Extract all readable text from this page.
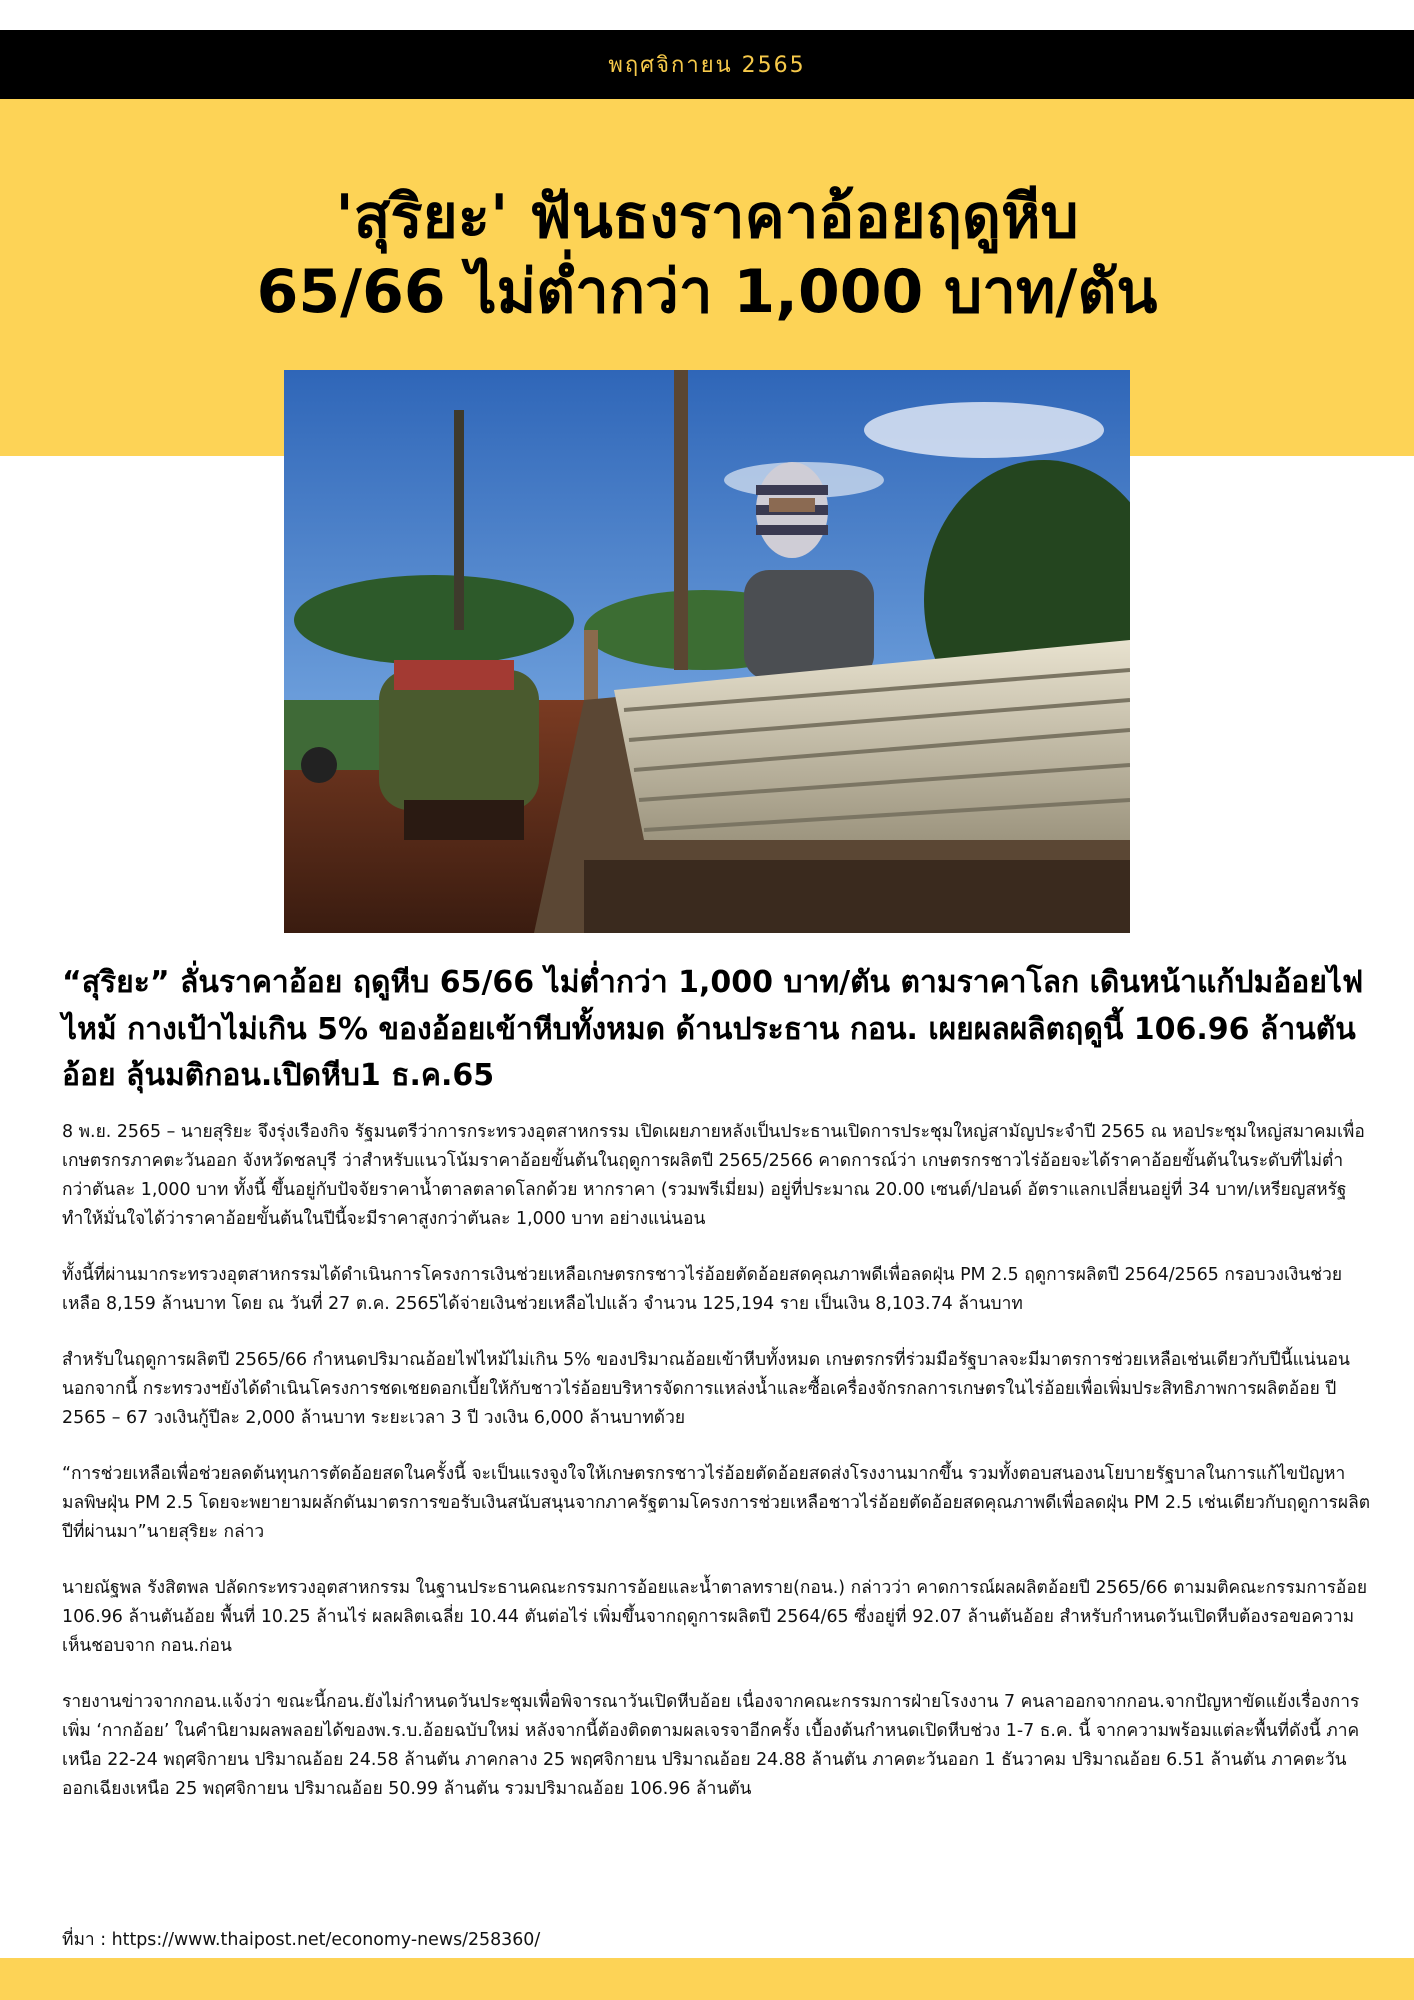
พฤศจิกายน 2565
'สุริยะ' ฟันธงราคาอ้อยฤดูหีบ
65/66 ไม่ต่ำกว่า 1,000 บาท/ตัน

“สุริยะ” ลั่นราคาอ้อย ฤดูหีบ 65/66 ไม่ต่ำกว่า 1,000 บาท/ตัน ตามราคาโลก เดินหน้าแก้ปมอ้อยไฟไหม้ กางเป้าไม่เกิน 5% ของอ้อยเข้าหีบทั้งหมด ด้านประธาน กอน. เผยผลผลิตฤดูนี้ 106.96 ล้านตันอ้อย ลุ้นมติกอน.เปิดหีบ1 ธ.ค.65

8 พ.ย. 2565 – นายสุริยะ จึงรุ่งเรืองกิจ รัฐมนตรีว่าการกระทรวงอุตสาหกรรม เปิดเผยภายหลังเป็นประธานเปิดการประชุมใหญ่สามัญประจำปี 2565 ณ หอประชุมใหญ่สมาคมเพื่อเกษตรกรภาคตะวันออก จังหวัดชลบุรี ว่าสำหรับแนวโน้มราคาอ้อยขั้นต้นในฤดูการผลิตปี 2565/2566 คาดการณ์ว่า เกษตรกรชาวไร่อ้อยจะได้ราคาอ้อยขั้นต้นในระดับที่ไม่ต่ำกว่าตันละ 1,000 บาท ทั้งนี้ ขึ้นอยู่กับปัจจัยราคาน้ำตาลตลาดโลกด้วย หากราคา (รวมพรีเมี่ยม) อยู่ที่ประมาณ 20.00 เซนต์/ปอนด์ อัตราแลกเปลี่ยนอยู่ที่ 34 บาท/เหรียญสหรัฐ ทำให้มั่นใจได้ว่าราคาอ้อยขั้นต้นในปีนี้จะมีราคาสูงกว่าตันละ 1,000 บาท อย่างแน่นอน

ทั้งนี้ที่ผ่านมากระทรวงอุตสาหกรรมได้ดำเนินการโครงการเงินช่วยเหลือเกษตรกรชาวไร่อ้อยตัดอ้อยสดคุณภาพดีเพื่อลดฝุ่น PM 2.5 ฤดูการผลิตปี 2564/2565 กรอบวงเงินช่วยเหลือ 8,159 ล้านบาท โดย ณ วันที่ 27 ต.ค. 2565ได้จ่ายเงินช่วยเหลือไปแล้ว จำนวน 125,194 ราย เป็นเงิน 8,103.74 ล้านบาท

สำหรับในฤดูการผลิตปี 2565/66 กำหนดปริมาณอ้อยไฟไหม้ไม่เกิน 5% ของปริมาณอ้อยเข้าหีบทั้งหมด เกษตรกรที่ร่วมมือรัฐบาลจะมีมาตรการช่วยเหลือเช่นเดียวกับปีนี้แน่นอน นอกจากนี้ กระทรวงฯยังได้ดำเนินโครงการชดเชยดอกเบี้ยให้กับชาวไร่อ้อยบริหารจัดการแหล่งน้ำและซื้อเครื่องจักรกลการเกษตรในไร่อ้อยเพื่อเพิ่มประสิทธิภาพการผลิตอ้อย ปี 2565 – 67 วงเงินกู้ปีละ 2,000 ล้านบาท ระยะเวลา 3 ปี วงเงิน 6,000 ล้านบาทด้วย

“การช่วยเหลือเพื่อช่วยลดต้นทุนการตัดอ้อยสดในครั้งนี้ จะเป็นแรงจูงใจให้เกษตรกรชาวไร่อ้อยตัดอ้อยสดส่งโรงงานมากขึ้น รวมทั้งตอบสนองนโยบายรัฐบาลในการแก้ไขปัญหามลพิษฝุ่น PM 2.5 โดยจะพยายามผลักดันมาตรการขอรับเงินสนับสนุนจากภาครัฐตามโครงการช่วยเหลือชาวไร่อ้อยตัดอ้อยสดคุณภาพดีเพื่อลดฝุ่น PM 2.5 เช่นเดียวกับฤดูการผลิตปีที่ผ่านมา”นายสุริยะ กล่าว

นายณัฐพล รังสิตพล ปลัดกระทรวงอุตสาหกรรม ในฐานประธานคณะกรรมการอ้อยและน้ำตาลทราย(กอน.) กล่าวว่า คาดการณ์ผลผลิตอ้อยปี 2565/66 ตามมติคณะกรรมการอ้อย 106.96 ล้านตันอ้อย พื้นที่ 10.25 ล้านไร่ ผลผลิตเฉลี่ย 10.44 ตันต่อไร่ เพิ่มขึ้นจากฤดูการผลิตปี 2564/65 ซึ่งอยู่ที่ 92.07 ล้านตันอ้อย สำหรับกำหนดวันเปิดหีบต้องรอขอความเห็นชอบจาก กอน.ก่อน

รายงานข่าวจากกอน.แจ้งว่า ขณะนี้กอน.ยังไม่กำหนดวันประชุมเพื่อพิจารณาวันเปิดหีบอ้อย เนื่องจากคณะกรรมการฝ่ายโรงงาน 7 คนลาออกจากกอน.จากปัญหาขัดแย้งเรื่องการเพิ่ม ‘กากอ้อย’ ในคำนิยามผลพลอยได้ของพ.ร.บ.อ้อยฉบับใหม่ หลังจากนี้ต้องติดตามผลเจรจาอีกครั้ง เบื้องต้นกำหนดเปิดหีบช่วง 1-7 ธ.ค. นี้ จากความพร้อมแต่ละพื้นที่ดังนี้ ภาคเหนือ 22-24 พฤศจิกายน ปริมาณอ้อย 24.58 ล้านตัน ภาคกลาง 25 พฤศจิกายน ปริมาณอ้อย 24.88 ล้านตัน ภาคตะวันออก 1 ธันวาคม ปริมาณอ้อย 6.51 ล้านตัน ภาคตะวันออกเฉียงเหนือ 25 พฤศจิกายน ปริมาณอ้อย 50.99 ล้านตัน รวมปริมาณอ้อย 106.96 ล้านตัน

ที่มา : https://www.thaipost.net/economy-news/258360/
